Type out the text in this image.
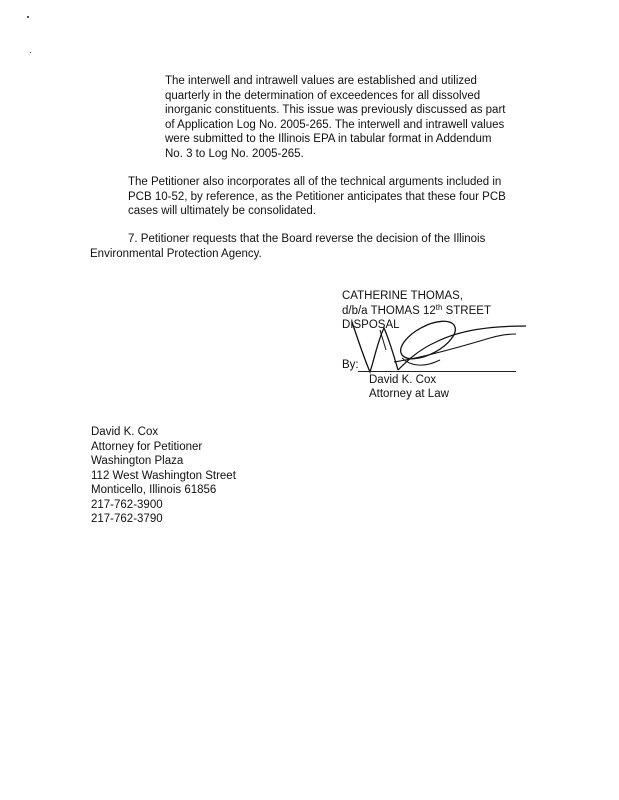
The interwell and intrawell values are established and utilized
quarterly in the determination of exceedences for all dissolved
inorganic constituents. This issue was previously discussed as part
of Application Log No. 2005-265. The interwell and intrawell values
were submitted to the Illinois EPA in tabular format in Addendum
No. 3 to Log No. 2005-265.
The Petitioner also incorporates all of the technical arguments included in
PCB 10-52, by reference, as the Petitioner anticipates that these four PCB
cases will ultimately be consolidated.
7. Petitioner requests that the Board reverse the decision of the Illinois
Environmental Protection Agency.
CATHERINE THOMAS,
d/b/a THOMAS 12th STREET
DISPOSAL
By:
David K. Cox
Attorney at Law
David K. Cox
Attorney for Petitioner
Washington Plaza
112 West Washington Street
Monticello, Illinois 61856
217-762-3900
217-762-3790
